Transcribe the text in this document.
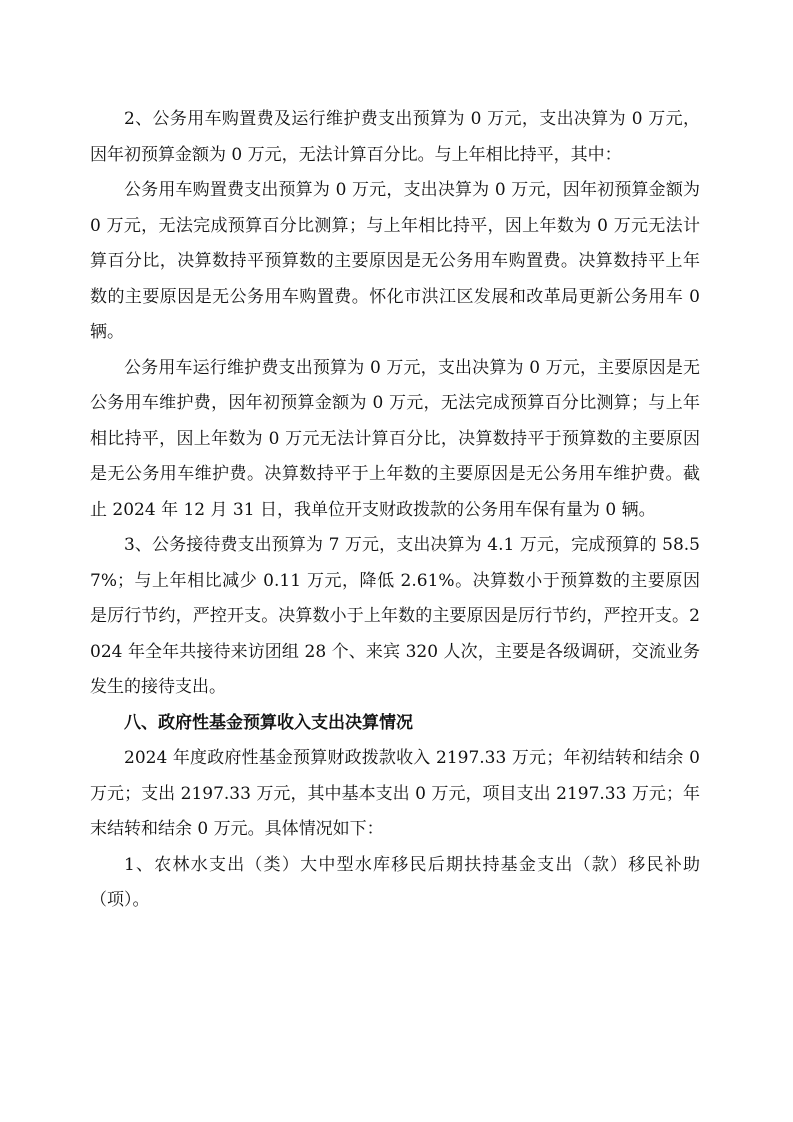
2、公务用车购置费及运行维护费支出预算为 0 万元，支出决算为 0 万元，因年初预算金额为 0 万元，无法计算百分比。与上年相比持平，其中：

公务用车购置费支出预算为 0 万元，支出决算为 0 万元，因年初预算金额为 0 万元，无法完成预算百分比测算；与上年相比持平，因上年数为 0 万元无法计算百分比，决算数持平预算数的主要原因是无公务用车购置费。决算数持平上年数的主要原因是无公务用车购置费。怀化市洪江区发展和改革局更新公务用车 0 辆。

公务用车运行维护费支出预算为 0 万元，支出决算为 0 万元，主要原因是无公务用车维护费，因年初预算金额为 0 万元，无法完成预算百分比测算；与上年相比持平，因上年数为 0 万元无法计算百分比，决算数持平于预算数的主要原因是无公务用车维护费。决算数持平于上年数的主要原因是无公务用车维护费。截止 2024 年 12 月 31 日，我单位开支财政拨款的公务用车保有量为 0 辆。

3、公务接待费支出预算为 7 万元，支出决算为 4.1 万元，完成预算的 58.57%；与上年相比减少 0.11 万元，降低 2.61%。决算数小于预算数的主要原因是厉行节约，严控开支。决算数小于上年数的主要原因是厉行节约，严控开支。2024 年全年共接待来访团组 28 个、来宾 320 人次，主要是各级调研，交流业务发生的接待支出。

八、政府性基金预算收入支出决算情况

2024 年度政府性基金预算财政拨款收入 2197.33 万元；年初结转和结余 0 万元；支出 2197.33 万元，其中基本支出 0 万元，项目支出 2197.33 万元；年末结转和结余 0 万元。具体情况如下：

1、农林水支出（类）大中型水库移民后期扶持基金支出（款）移民补助（项）。
